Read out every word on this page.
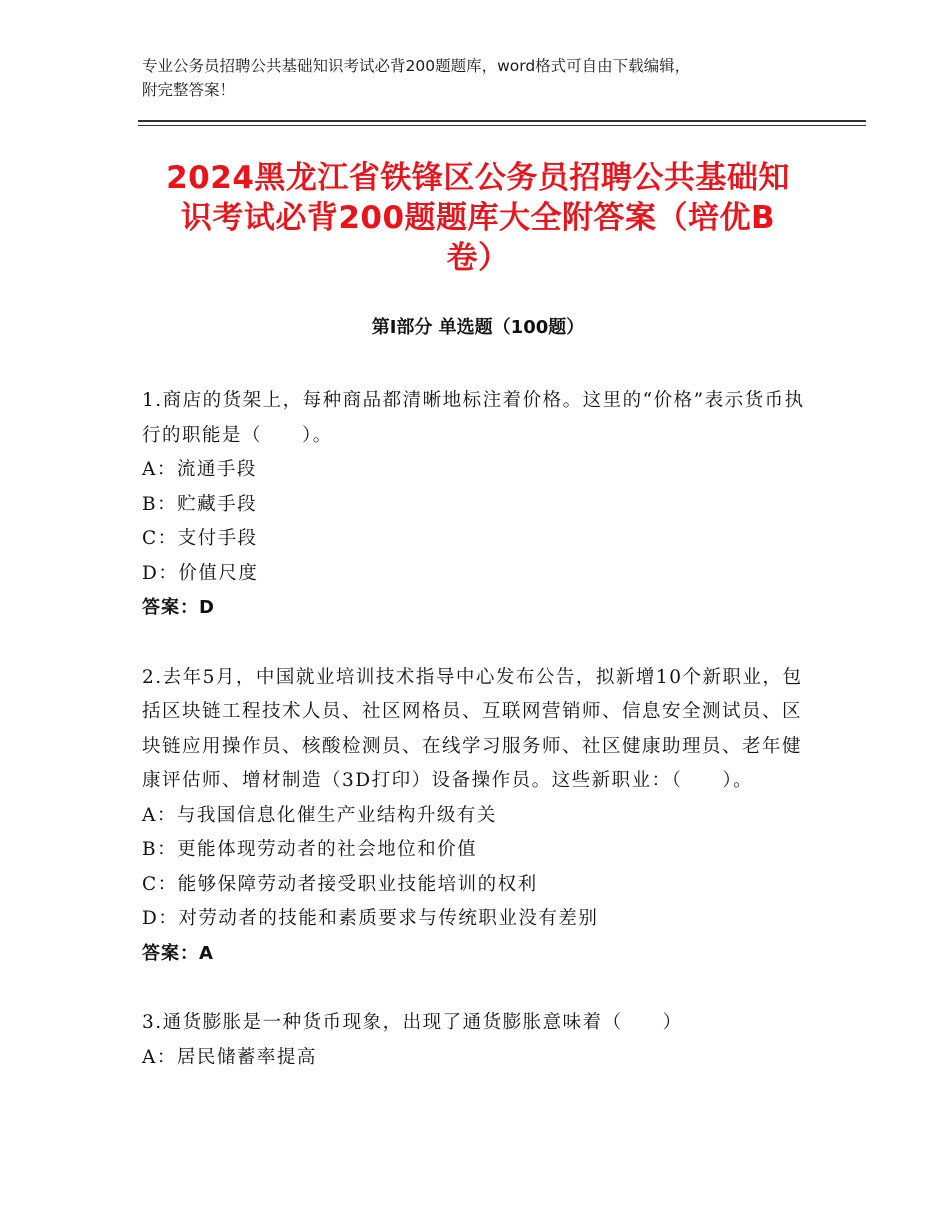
专业公务员招聘公共基础知识考试必背200题题库，word格式可自由下载编辑，
附完整答案！
2024黑龙江省铁锋区公务员招聘公共基础知
识考试必背200题题库大全附答案（培优B
卷）
第Ⅰ部分 单选题（100题）

1.商店的货架上，每种商品都清晰地标注着价格。这里的“价格”表示货币执行的职能是（　　）。

A：流通手段
B：贮藏手段
C：支付手段
D：价值尺度
答案：D

2.去年5月，中国就业培训技术指导中心发布公告，拟新增10个新职业，包括区块链工程技术人员、社区网格员、互联网营销师、信息安全测试员、区块链应用操作员、核酸检测员、在线学习服务师、社区健康助理员、老年健康评估师、增材制造（3D打印）设备操作员。这些新职业：（　　）。

A：与我国信息化催生产业结构升级有关
B：更能体现劳动者的社会地位和价值
C：能够保障劳动者接受职业技能培训的权利
D：对劳动者的技能和素质要求与传统职业没有差别
答案：A

3.通货膨胀是一种货币现象，出现了通货膨胀意味着（　　）

A：居民储蓄率提高
